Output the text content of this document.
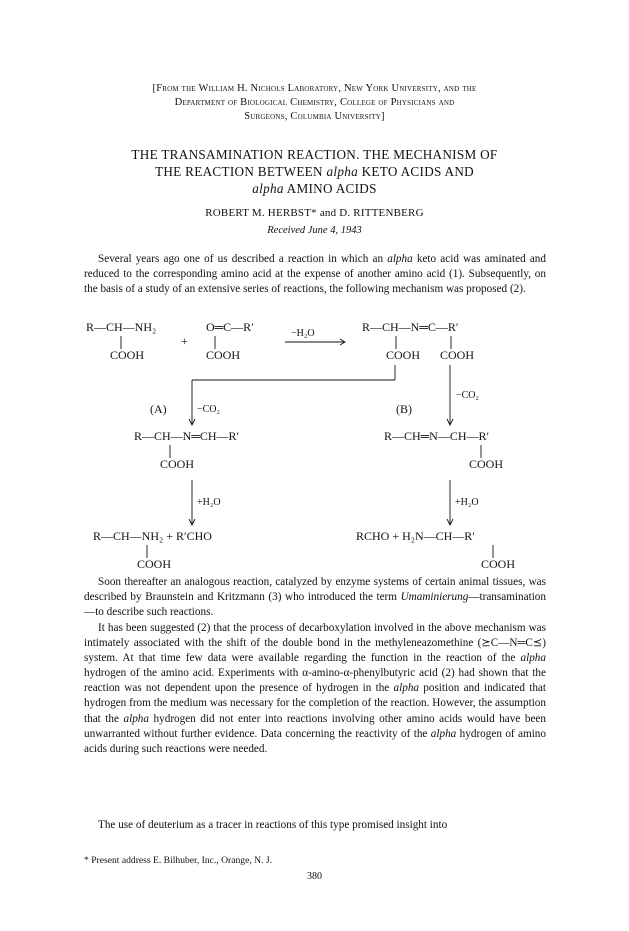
[From the William H. Nichols Laboratory, New York University, and the
Department of Biological Chemistry, College of Physicians and
Surgeons, Columbia University]
THE TRANSAMINATION REACTION. THE MECHANISM OF
THE REACTION BETWEEN alpha KETO ACIDS AND
alpha AMINO ACIDS
ROBERT M. HERBST* and D. RITTENBERG
Received June 4, 1943

Several years ago one of us described a reaction in which an alpha keto acid was aminated and reduced to the corresponding amino acid at the expense of another amino acid (1). Subsequently, on the basis of a study of an extensive series of reactions, the following mechanism was proposed (2).

R—CH—NH₂
COOH
+
O═C—R′
COOH
−H₂O	R—CH—N═C—R′
COOH COOH
(A)	−CO₂	(B)
−CO₂
R—CH—N═CH—R′
COOH
R—CH═N—CH—R′
COOH
+H₂O	+H₂O
R—CH—NH₂ + R′CHO
COOH
RCHO + H₂N—CH—R′
COOH

Soon thereafter an analogous reaction, catalyzed by enzyme systems of certain animal tissues, was described by Braunstein and Kritzmann (3) who introduced the term Umaminierung—transamination—to describe such reactions.

It has been suggested (2) that the process of decarboxylation involved in the above mechanism was intimately associated with the shift of the double bond in the methyleneazomethine (⪰C—N═C⪯) system. At that time few data were available regarding the function in the reaction of the alpha hydrogen of the amino acid. Experiments with α-amino-α-phenylbutyric acid (2) had shown that the reaction was not dependent upon the presence of hydrogen in the alpha position and indicated that hydrogen from the medium was necessary for the completion of the reaction. However, the assumption that the alpha hydrogen did not enter into reactions involving other amino acids would have been unwarranted without further evidence. Data concerning the reactivity of the alpha hydrogen of amino acids during such reactions were needed.

The use of deuterium as a tracer in reactions of this type promised insight into

* Present address E. Bilhuber, Inc., Orange, N. J.
380
